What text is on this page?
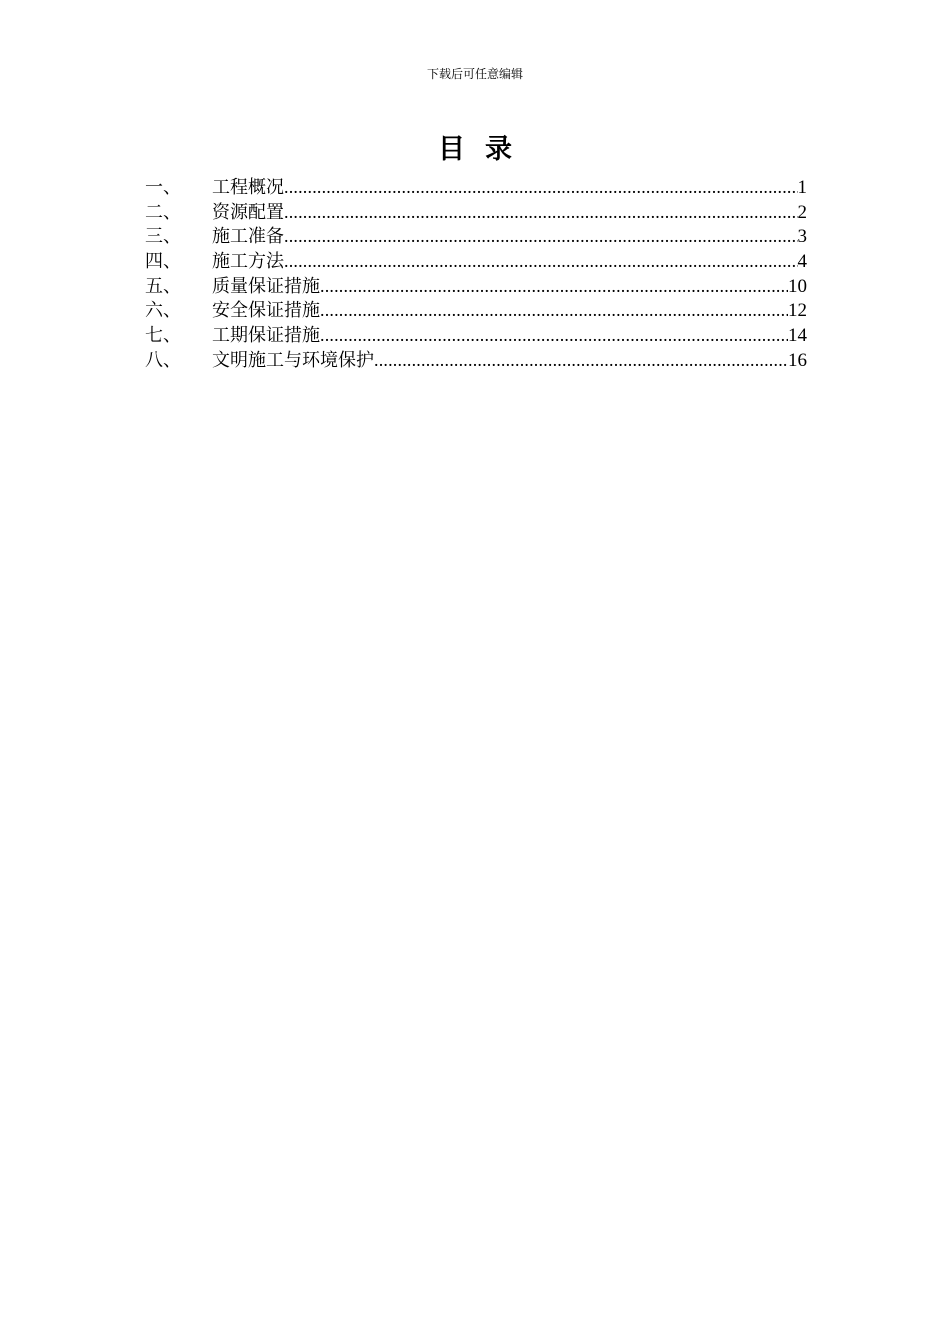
下载后可任意编辑
目录
一、	工程概况 .....	1
二、	资源配置 .....	2
三、	施工准备 .....	3
四、	施工方法 .....	4
五、	质量保证措施 .....	10
六、	安全保证措施 .....	12
七、	工期保证措施 .....	14
八、	文明施工与环境保护 .....	16
